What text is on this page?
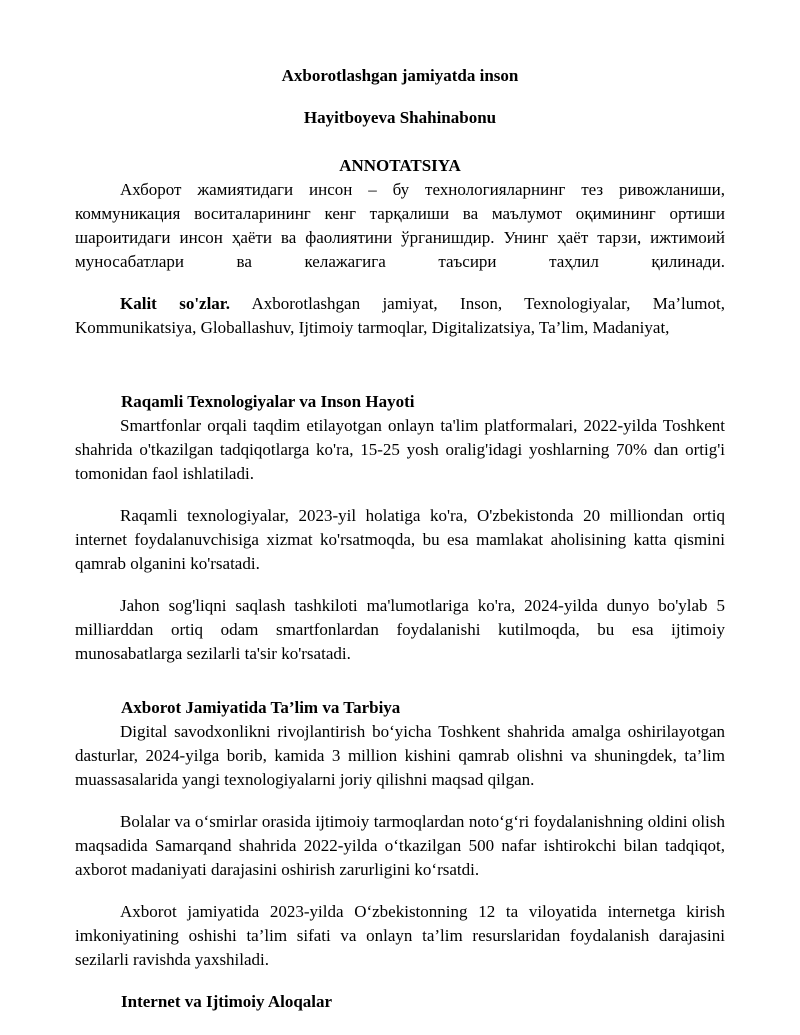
Axborotlashgan jamiyatda inson
Hayitboyeva Shahinabonu
ANNOTATSIYA

Ахборот жамиятидаги инсон – бу технологияларнинг тез ривожланиши, коммуникация воситаларининг кенг тарқалиши ва маълумот оқимининг ортиши шароитидаги инсон ҳаёти ва фаолиятини ўрганишдир. Унинг ҳаёт тарзи, ижтимоий муносабатлари ва келажагига таъсири таҳлил қилинади.

Kalit so'zlar. Axborotlashgan jamiyat, Inson, Texnologiyalar, Ma’lumot, Kommunikatsiya, Globallashuv, Ijtimoiy tarmoqlar, Digitalizatsiya, Ta’lim, Madaniyat,

Raqamli Texnologiyalar va Inson Hayoti

Smartfonlar orqali taqdim etilayotgan onlayn ta'lim platformalari, 2022-yilda Toshkent shahrida o'tkazilgan tadqiqotlarga ko'ra, 15-25 yosh oralig'idagi yoshlarning 70% dan ortig'i tomonidan faol ishlatiladi.

Raqamli texnologiyalar, 2023-yil holatiga ko'ra, O'zbekistonda 20 milliondan ortiq internet foydalanuvchisiga xizmat ko'rsatmoqda, bu esa mamlakat aholisining katta qismini qamrab olganini ko'rsatadi.

Jahon sog'liqni saqlash tashkiloti ma'lumotlariga ko'ra, 2024-yilda dunyo bo'ylab 5 milliarddan ortiq odam smartfonlardan foydalanishi kutilmoqda, bu esa ijtimoiy munosabatlarga sezilarli ta'sir ko'rsatadi.

Axborot Jamiyatida Ta’lim va Tarbiya

Digital savodxonlikni rivojlantirish bo‘yicha Toshkent shahrida amalga oshirilayotgan dasturlar, 2024-yilga borib, kamida 3 million kishini qamrab olishni va shuningdek, ta’lim muassasalarida yangi texnologiyalarni joriy qilishni maqsad qilgan.

Bolalar va o‘smirlar orasida ijtimoiy tarmoqlardan noto‘g‘ri foydalanishning oldini olish maqsadida Samarqand shahrida 2022-yilda o‘tkazilgan 500 nafar ishtirokchi bilan tadqiqot, axborot madaniyati darajasini oshirish zarurligini ko‘rsatdi.

Axborot jamiyatida 2023-yilda O‘zbekistonning 12 ta viloyatida internetga kirish imkoniyatining oshishi ta’lim sifati va onlayn ta’lim resurslaridan foydalanish darajasini sezilarli ravishda yaxshiladi.

Internet va Ijtimoiy Aloqalar
